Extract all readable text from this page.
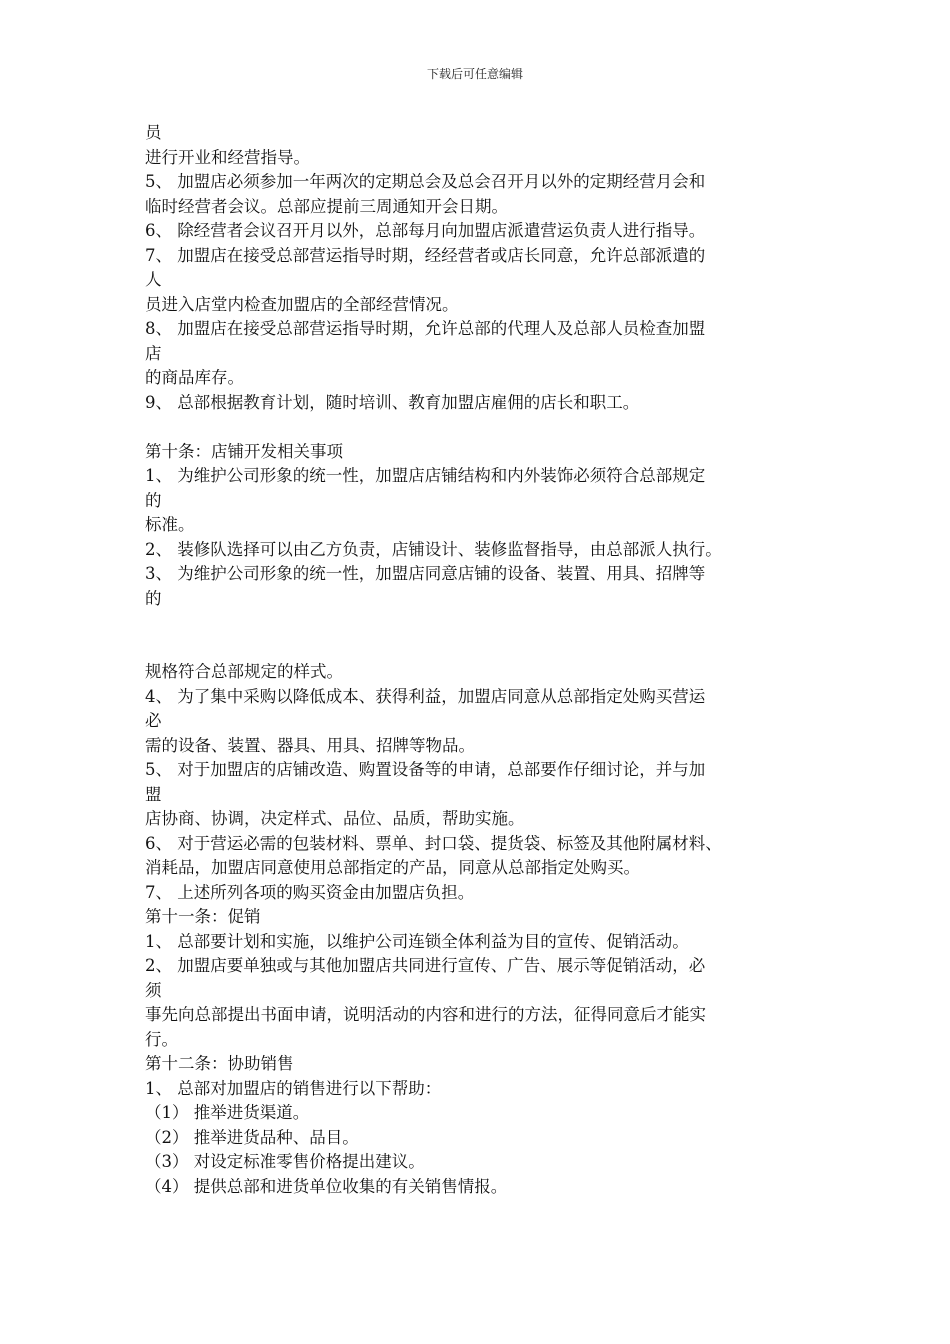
下载后可任意编辑
员
进行开业和经营指导。
5、 加盟店必须参加一年两次的定期总会及总会召开月以外的定期经营月会和
临时经营者会议。总部应提前三周通知开会日期。
6、 除经营者会议召开月以外，总部每月向加盟店派遣营运负责人进行指导。
7、 加盟店在接受总部营运指导时期，经经营者或店长同意，允许总部派遣的
人
员进入店堂内检查加盟店的全部经营情况。
8、 加盟店在接受总部营运指导时期，允许总部的代理人及总部人员检查加盟
店
的商品库存。
9、 总部根据教育计划，随时培训、教育加盟店雇佣的店长和职工。
第十条：店铺开发相关事项
1、 为维护公司形象的统一性，加盟店店铺结构和内外装饰必须符合总部规定
的
标准。
2、 装修队选择可以由乙方负责，店铺设计、装修监督指导，由总部派人执行。
3、 为维护公司形象的统一性，加盟店同意店铺的设备、装置、用具、招牌等
的
规格符合总部规定的样式。
4、 为了集中采购以降低成本、获得利益，加盟店同意从总部指定处购买营运
必
需的设备、装置、器具、用具、招牌等物品。
5、 对于加盟店的店铺改造、购置设备等的申请，总部要作仔细讨论，并与加
盟
店协商、协调，决定样式、品位、品质，帮助实施。
6、 对于营运必需的包装材料、票单、封口袋、提货袋、标签及其他附属材料、
消耗品，加盟店同意使用总部指定的产品，同意从总部指定处购买。
7、 上述所列各项的购买资金由加盟店负担。
第十一条：促销
1、 总部要计划和实施，以维护公司连锁全体利益为目的宣传、促销活动。
2、 加盟店要单独或与其他加盟店共同进行宣传、广告、展示等促销活动，必
须
事先向总部提出书面申请，说明活动的内容和进行的方法，征得同意后才能实
行。
第十二条：协助销售
1、 总部对加盟店的销售进行以下帮助：
（1） 推举进货渠道。
（2） 推举进货品种、品目。
（3） 对设定标准零售价格提出建议。
（4） 提供总部和进货单位收集的有关销售情报。
